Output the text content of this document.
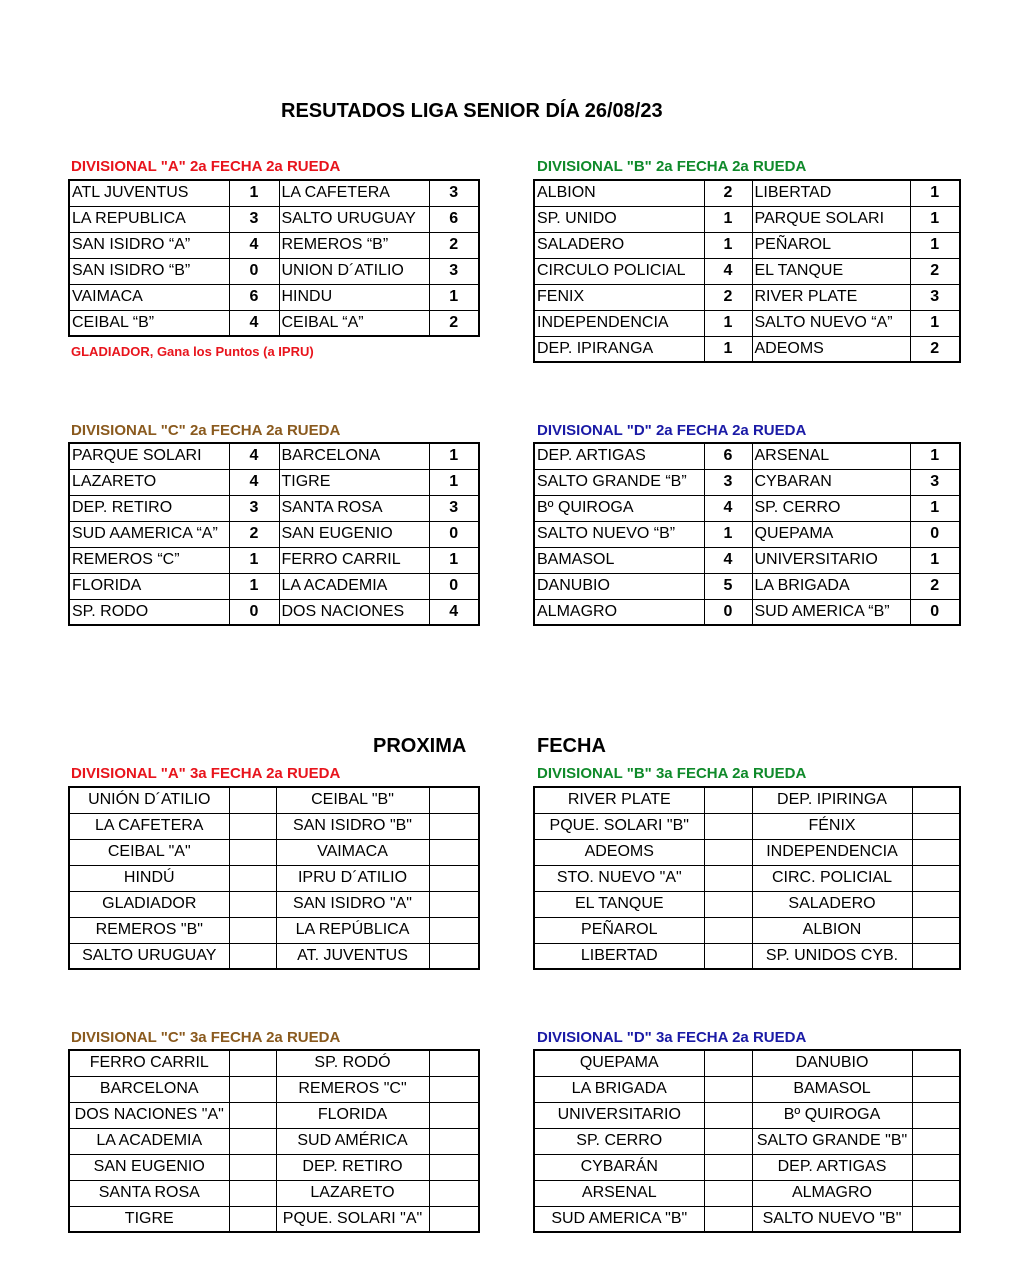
RESUTADOS LIGA SENIOR DÍA 26/08/23
DIVISIONAL "A" 2a FECHA 2a RUEDA	DIVISIONAL "B" 2a FECHA 2a RUEDA
DIVISIONAL "C" 2a FECHA 2a RUEDA	DIVISIONAL "D" 2a FECHA 2a RUEDA
ATL JUVENTUS	1	LA CAFETERA	3
LA REPUBLICA	3	SALTO URUGUAY	6
SAN ISIDRO “A”	4	REMEROS “B”	2
SAN ISIDRO “B”	0	UNION D´ATILIO	3
VAIMACA	6	HINDU	1
CEIBAL “B”	4	CEIBAL “A”	2
GLADIADOR, Gana los Puntos (a IPRU)
ALBION	2	LIBERTAD	1
SP. UNIDO	1	PARQUE SOLARI	1
SALADERO	1	PEÑAROL	1
CIRCULO POLICIAL	4	EL TANQUE	2
FENIX	2	RIVER PLATE	3
INDEPENDENCIA	1	SALTO NUEVO “A”	1
DEP. IPIRANGA	1	ADEOMS	2
PARQUE SOLARI	4	BARCELONA	1
LAZARETO	4	TIGRE	1
DEP. RETIRO	3	SANTA ROSA	3
SUD AAMERICA “A”	2	SAN EUGENIO	0
REMEROS “C”	1	FERRO CARRIL	1
FLORIDA	1	LA ACADEMIA	0
SP. RODO	0	DOS NACIONES	4
DEP. ARTIGAS	6	ARSENAL	1
SALTO GRANDE “B”	3	CYBARAN	3
Bº QUIROGA	4	SP. CERRO	1
SALTO NUEVO “B”	1	QUEPAMA	0
BAMASOL	4	UNIVERSITARIO	1
DANUBIO	5	LA BRIGADA	2
ALMAGRO	0	SUD AMERICA “B”	0
PROXIMA	FECHA
DIVISIONAL "A" 3a FECHA 2a RUEDA	DIVISIONAL "B" 3a FECHA 2a RUEDA
DIVISIONAL "C" 3a FECHA 2a RUEDA	DIVISIONAL "D" 3a FECHA 2a RUEDA
UNIÓN D´ATILIO		CEIBAL "B"	
LA CAFETERA		SAN ISIDRO "B"	
CEIBAL "A"		VAIMACA	
HINDÚ		IPRU D´ATILIO	
GLADIADOR		SAN ISIDRO "A"	
REMEROS "B"		LA REPÚBLICA	
SALTO URUGUAY		AT. JUVENTUS	
RIVER PLATE		DEP. IPIRINGA	
PQUE. SOLARI "B"		FÉNIX	
ADEOMS		INDEPENDENCIA	
STO. NUEVO "A"		CIRC. POLICIAL	
EL TANQUE		SALADERO	
PEÑAROL		ALBION	
LIBERTAD		SP. UNIDOS CYB.	
FERRO CARRIL		SP. RODÓ	
BARCELONA		REMEROS "C"	
DOS NACIONES "A"		FLORIDA	
LA ACADEMIA		SUD AMÉRICA	
SAN EUGENIO		DEP. RETIRO	
SANTA ROSA		LAZARETO	
TIGRE		PQUE. SOLARI "A"	
QUEPAMA		DANUBIO	
LA BRIGADA		BAMASOL	
UNIVERSITARIO		Bº QUIROGA	
SP. CERRO		SALTO GRANDE "B"	
CYBARÁN		DEP. ARTIGAS	
ARSENAL		ALMAGRO	
SUD AMERICA "B"		SALTO NUEVO "B"	
